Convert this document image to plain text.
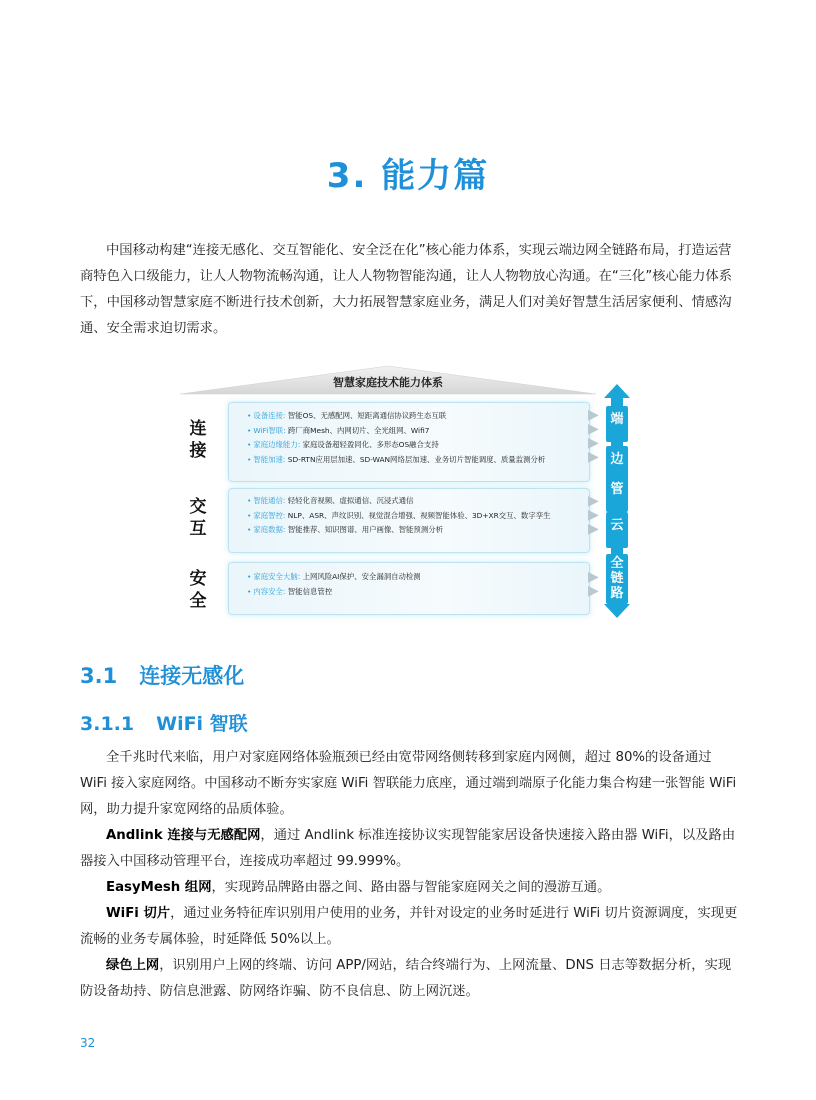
3. 能力篇

中国移动构建“连接无感化、交互智能化、安全泛在化”核心能力体系，实现云端边网全链路布局，打造运营商特色入口级能力，让人人物物流畅沟通，让人人物物智能沟通，让人人物物放心沟通。在“三化”核心能力体系下，中国移动智慧家庭不断进行技术创新，大力拓展智慧家庭业务，满足人们对美好智慧生活居家便利、情感沟通、安全需求迫切需求。

智慧家庭技术能力体系
连
接
• 设备连接: 智能OS、无感配网、短距离通信协议跨生态互联
• WiFi智联: 跨厂商Mesh、内网切片、全光组网、Wifi7
• 家庭边缘能力: 家庭设备超轻盈同化、多形态OS融合支持
• 智能加速: SD-RTN应用层加速、SD-WAN网络层加速、业务切片智能调度、质量监测分析
▶
▶
▶
▶
交
互
• 智能通信: 轻轻化音视频、虚拟通信、沉浸式通信
• 家庭智控: NLP、ASR、声纹识别、视觉混合增强、视频智能体验、3D+XR交互、数字孪生
• 家庭数据: 智能推荐、知识图谱、用户画像、智能预测分析
▶
▶
▶
安
全
• 家庭安全大脑: 上网风险AI保护、安全漏洞自动检测
• 内容安全: 智能信息管控
▶
▶
端
边
管
云
全链路
3.1 连接无感化
3.1.1 WiFi 智联

全千兆时代来临，用户对家庭网络体验瓶颈已经由宽带网络侧转移到家庭内网侧，超过 80%的设备通过 WiFi 接入家庭网络。中国移动不断夯实家庭 WiFi 智联能力底座，通过端到端原子化能力集合构建一张智能 WiFi 网，助力提升家宽网络的品质体验。

Andlink 连接与无感配网，通过 Andlink 标准连接协议实现智能家居设备快速接入路由器 WiFi，以及路由器接入中国移动管理平台，连接成功率超过 99.999%。

EasyMesh 组网，实现跨品牌路由器之间、路由器与智能家庭网关之间的漫游互通。

WiFi 切片，通过业务特征库识别用户使用的业务，并针对设定的业务时延进行 WiFi 切片资源调度，实现更流畅的业务专属体验，时延降低 50%以上。

绿色上网，识别用户上网的终端、访问 APP/网站，结合终端行为、上网流量、DNS 日志等数据分析，实现防设备劫持、防信息泄露、防网络诈骗、防不良信息、防上网沉迷。

32
